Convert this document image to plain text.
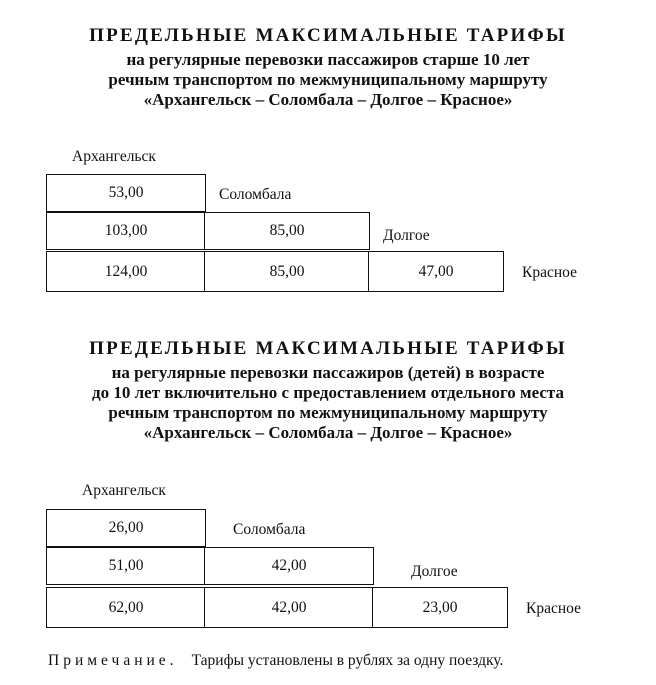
ПРЕДЕЛЬНЫЕ МАКСИМАЛЬНЫЕ ТАРИФЫ
на регулярные перевозки пассажиров старше 10 лет
речным транспортом по межмуниципальному маршруту
«Архангельск – Соломбала – Долгое – Красное»
Архангельск
53,00	Соломбала
103,00	85,00	Долгое
124,00	85,00	47,00	Красное
ПРЕДЕЛЬНЫЕ МАКСИМАЛЬНЫЕ ТАРИФЫ
на регулярные перевозки пассажиров (детей) в возрасте
до 10 лет включительно с предоставлением отдельного места
речным транспортом по межмуниципальному маршруту
«Архангельск – Соломбала – Долгое – Красное»
Архангельск
26,00	Соломбала
51,00	42,00	Долгое
62,00	42,00	23,00	Красное
Примечание. Тарифы установлены в рублях за одну поездку.
